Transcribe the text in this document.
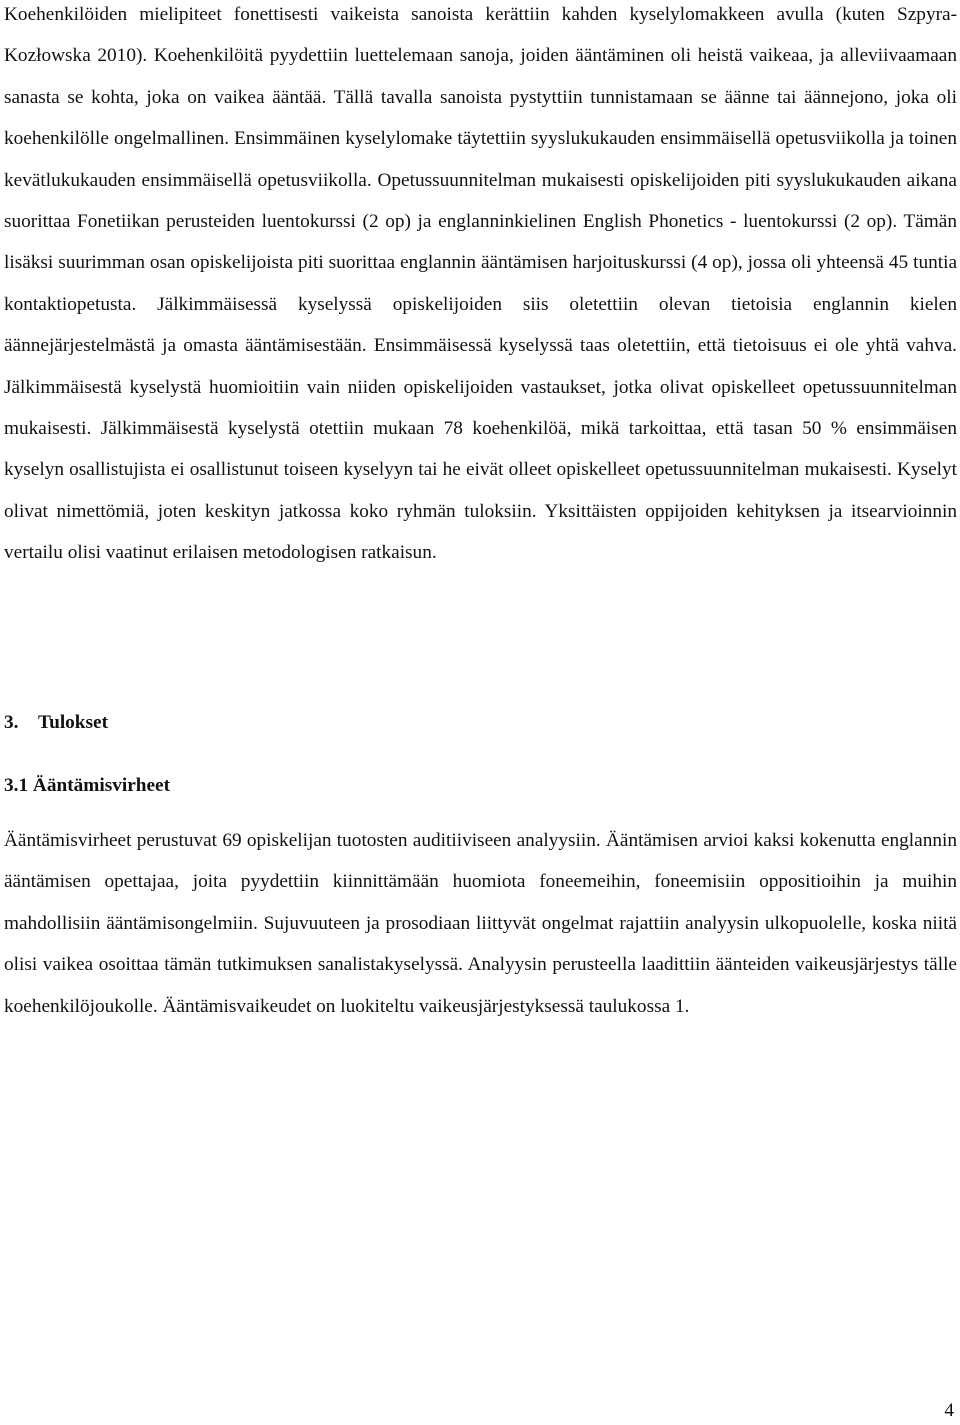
Koehenkilöiden mielipiteet fonettisesti vaikeista sanoista kerättiin kahden kyselylomakkeen avulla (kuten Szpyra-Kozłowska 2010). Koehenkilöitä pyydettiin luettelemaan sanoja, joiden ääntäminen oli heistä vaikeaa, ja alleviivaamaan sanasta se kohta, joka on vaikea ääntää. Tällä tavalla sanoista pystyttiin tunnistamaan se äänne tai äännejono, joka oli koehenkilölle ongelmallinen. Ensimmäinen kyselylomake täytettiin syyslukukauden ensimmäisellä opetusviikolla ja toinen kevätlukukauden ensimmäisellä opetusviikolla. Opetussuunnitelman mukaisesti opiskelijoiden piti syyslukukauden aikana suorittaa Fonetiikan perusteiden luentokurssi (2 op) ja englanninkielinen English Phonetics - luentokurssi (2 op). Tämän lisäksi suurimman osan opiskelijoista piti suorittaa englannin ääntämisen harjoituskurssi (4 op), jossa oli yhteensä 45 tuntia kontaktiopetusta. Jälkimmäisessä kyselyssä opiskelijoiden siis oletettiin olevan tietoisia englannin kielen äännejärjestelmästä ja omasta ääntämisestään. Ensimmäisessä kyselyssä taas oletettiin, että tietoisuus ei ole yhtä vahva. Jälkimmäisestä kyselystä huomioitiin vain niiden opiskelijoiden vastaukset, jotka olivat opiskelleet opetussuunnitelman mukaisesti. Jälkimmäisestä kyselystä otettiin mukaan 78 koehenkilöä, mikä tarkoittaa, että tasan 50 % ensimmäisen kyselyn osallistujista ei osallistunut toiseen kyselyyn tai he eivät olleet opiskelleet opetussuunnitelman mukaisesti. Kyselyt olivat nimettömiä, joten keskityn jatkossa koko ryhmän tuloksiin. Yksittäisten oppijoiden kehityksen ja itsearvioinnin vertailu olisi vaatinut erilaisen metodologisen ratkaisun.

3. Tulokset
3.1 Ääntämisvirheet

Ääntämisvirheet perustuvat 69 opiskelijan tuotosten auditiiviseen analyysiin. Ääntämisen arvioi kaksi kokenutta englannin ääntämisen opettajaa, joita pyydettiin kiinnittämään huomiota foneemeihin, foneemisiin oppositioihin ja muihin mahdollisiin ääntämisongelmiin. Sujuvuuteen ja prosodiaan liittyvät ongelmat rajattiin analyysin ulkopuolelle, koska niitä olisi vaikea osoittaa tämän tutkimuksen sanalistakyselyssä. Analyysin perusteella laadittiin äänteiden vaikeusjärjestys tälle koehenkilöjoukolle. Ääntämisvaikeudet on luokiteltu vaikeusjärjestyksessä taulukossa 1.

4
